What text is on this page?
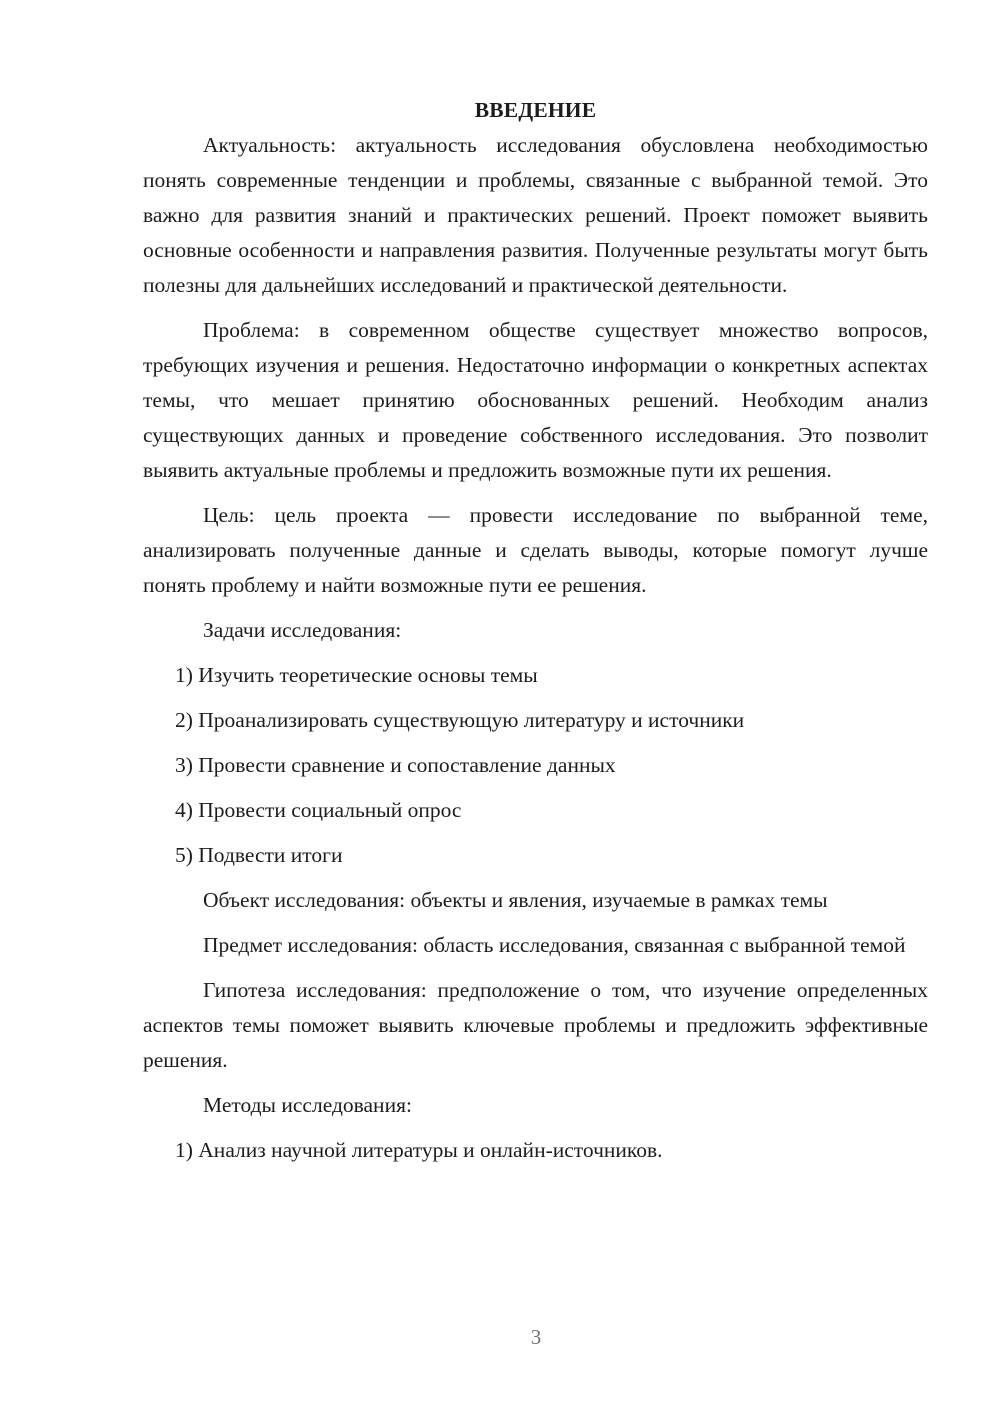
ВВЕДЕНИЕ

Актуальность: актуальность исследования обусловлена необходимостью понять современные тенденции и проблемы, связанные с выбранной темой. Это важно для развития знаний и практических решений. Проект поможет выявить основные особенности и направления развития. Полученные результаты могут быть полезны для дальнейших исследований и практической деятельности.

Проблема: в современном обществе существует множество вопросов, требующих изучения и решения. Недостаточно информации о конкретных аспектах темы, что мешает принятию обоснованных решений. Необходим анализ существующих данных и проведение собственного исследования. Это позволит выявить актуальные проблемы и предложить возможные пути их решения.

Цель: цель проекта — провести исследование по выбранной теме, анализировать полученные данные и сделать выводы, которые помогут лучше понять проблему и найти возможные пути ее решения.

Задачи исследования:

1) Изучить теоретические основы темы

2) Проанализировать существующую литературу и источники

3) Провести сравнение и сопоставление данных

4) Провести социальный опрос

5) Подвести итоги

Объект исследования: объекты и явления, изучаемые в рамках темы

Предмет исследования: область исследования, связанная с выбранной темой

Гипотеза исследования: предположение о том, что изучение определенных аспектов темы поможет выявить ключевые проблемы и предложить эффективные решения.

Методы исследования:

1) Анализ научной литературы и онлайн-источников.

3
